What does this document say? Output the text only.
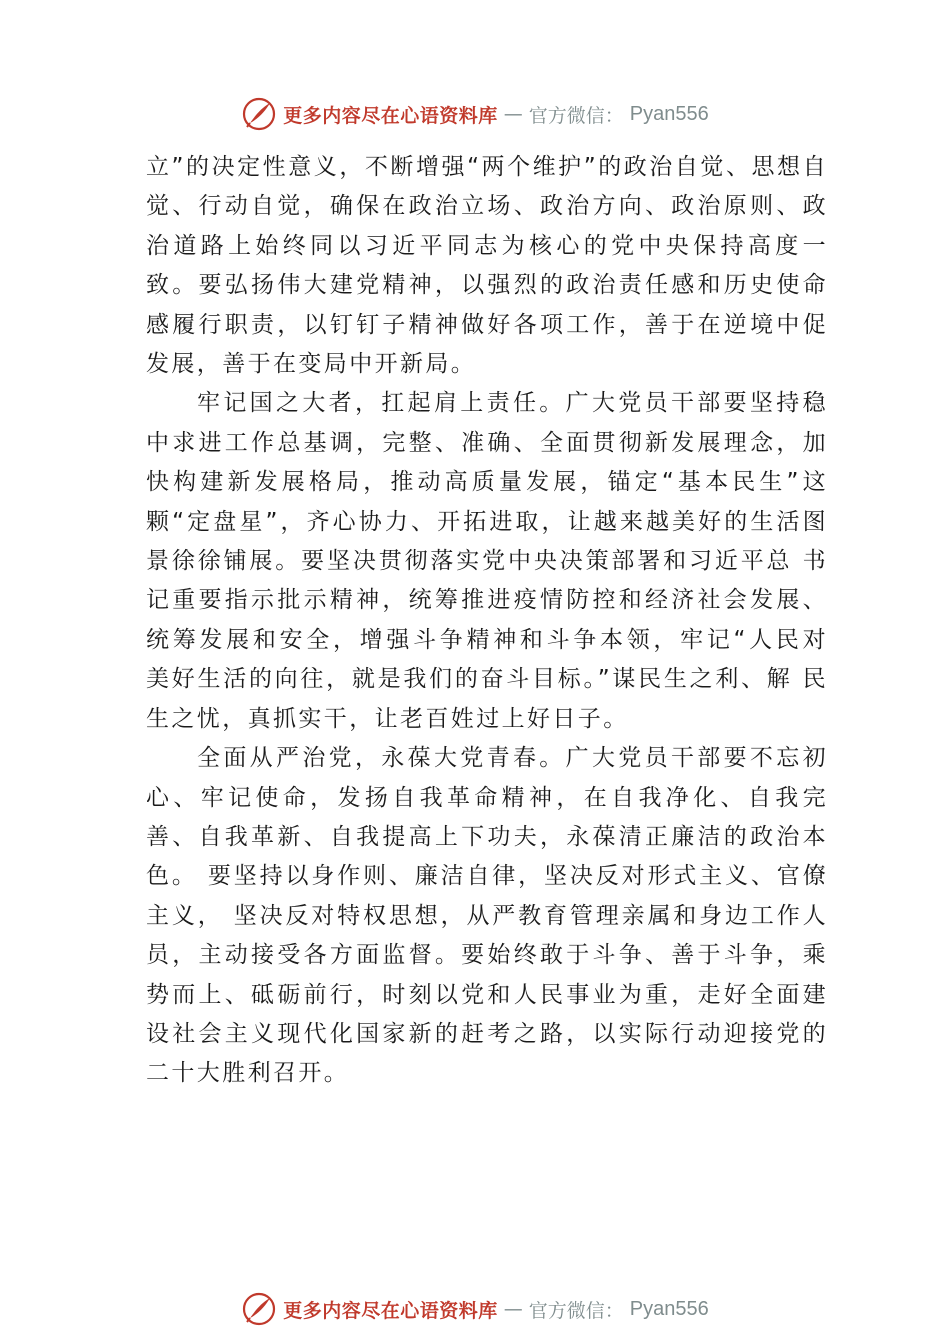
更多内容尽在心语资料库 — 官方微信： Pyan556

立”的决定性意义，不断增强“两个维护”的政治自觉、思想自觉、行动自觉，确保在政治立场、政治方向、政治原则、政治道路上始终同以习近平同志为核心的党中央保持高度一致。要弘扬伟大建党精神，以强烈的政治责任感和历史使命感履行职责，以钉钉子精神做好各项工作，善于在逆境中促发展，善于在变局中开新局。

牢记国之大者，扛起肩上责任。广大党员干部要坚持稳中求进工作总基调，完整、准确、全面贯彻新发展理念，加快构建新发展格局，推动高质量发展，锚定“基本民生”这颗“定盘星”，齐心协力、开拓进取，让越来越美好的生活图景徐徐铺展。要坚决贯彻落实党中央决策部署和习近平总 书记重要指示批示精神，统筹推进疫情防控和经济社会发展、统筹发展和安全，增强斗争精神和斗争本领，牢记“人民对 美好生活的向往，就是我们的奋斗目标。”谋民生之利、解 民生之忧，真抓实干，让老百姓过上好日子。

全面从严治党，永葆大党青春。广大党员干部要不忘初心、牢记使命，发扬自我革命精神，在自我净化、自我完善、自我革新、自我提高上下功夫，永葆清正廉洁的政治本色。 要坚持以身作则、廉洁自律，坚决反对形式主义、官僚主义， 坚决反对特权思想，从严教育管理亲属和身边工作人员，主动接受各方面监督。要始终敢于斗争、善于斗争，乘势而上、砥砺前行，时刻以党和人民事业为重，走好全面建设社会主义现代化国家新的赶考之路，以实际行动迎接党的二十大胜利召开。

更多内容尽在心语资料库 — 官方微信： Pyan556
